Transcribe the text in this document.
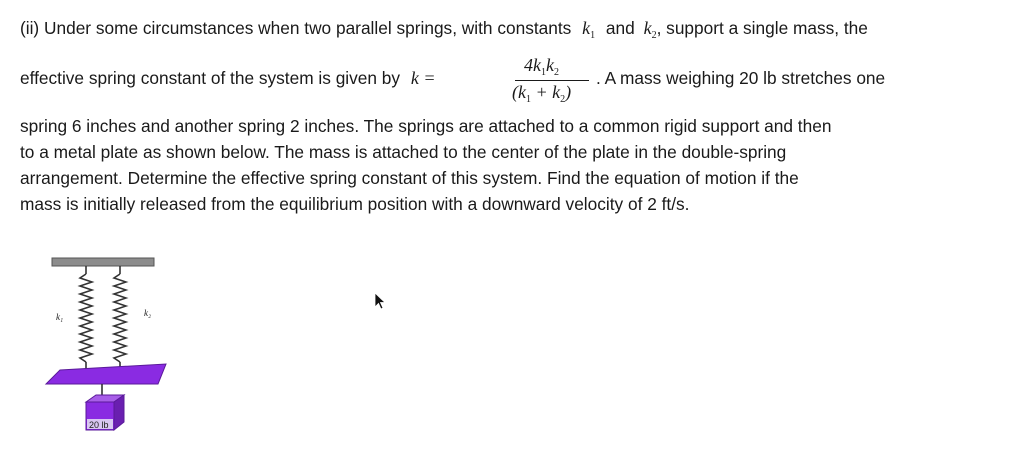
(ii) Under some circumstances when two parallel springs, with constants $k_1$ and $k_2$, support a single mass, the
effective spring constant of the system is given by k =
$4k_1k_2$
$(k_1 + k_2)$
. A mass weighing 20 lb stretches one
spring 6 inches and another spring 2 inches. The springs are attached to a common rigid support and then
to a metal plate as shown below. The mass is attached to the center of the plate in the double-spring
arrangement. Determine the effective spring constant of this system. Find the equation of motion if the
mass is initially released from the equilibrium position with a downward velocity of 2 ft/s.
k₁	k₂
20 lb
